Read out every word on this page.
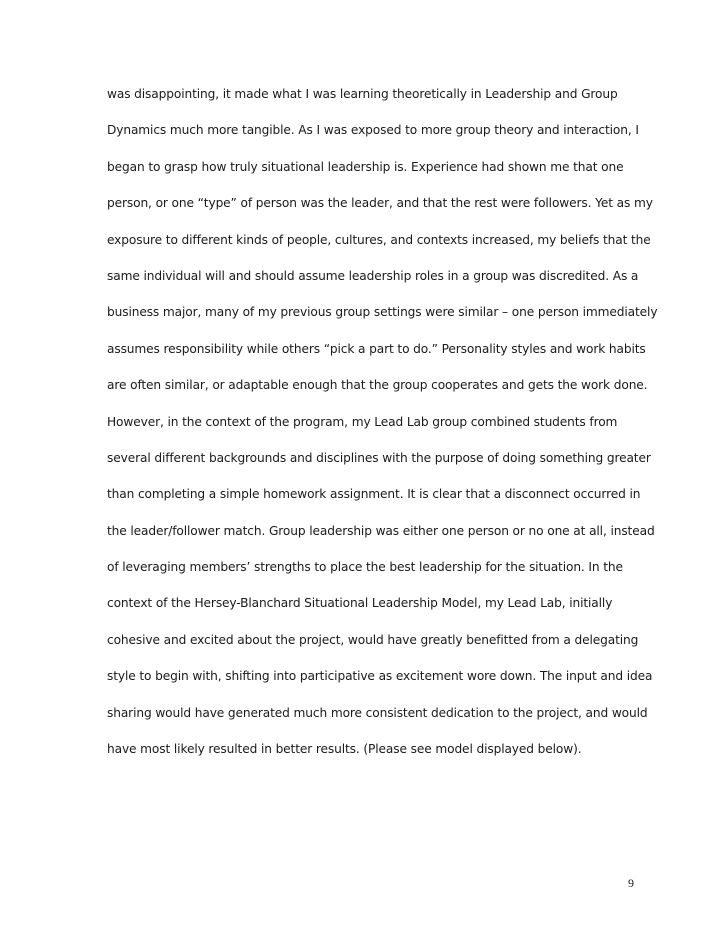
was disappointing, it made what I was learning theoretically in Leadership and Group
Dynamics much more tangible. As I was exposed to more group theory and interaction, I
began to grasp how truly situational leadership is. Experience had shown me that one
person, or one “type” of person was the leader, and that the rest were followers. Yet as my
exposure to different kinds of people, cultures, and contexts increased, my beliefs that the
same individual will and should assume leadership roles in a group was discredited. As a
business major, many of my previous group settings were similar – one person immediately
assumes responsibility while others “pick a part to do.” Personality styles and work habits
are often similar, or adaptable enough that the group cooperates and gets the work done.
However, in the context of the program, my Lead Lab group combined students from
several different backgrounds and disciplines with the purpose of doing something greater
than completing a simple homework assignment. It is clear that a disconnect occurred in
the leader/follower match. Group leadership was either one person or no one at all, instead
of leveraging members’ strengths to place the best leadership for the situation. In the
context of the Hersey-Blanchard Situational Leadership Model, my Lead Lab, initially
cohesive and excited about the project, would have greatly benefitted from a delegating
style to begin with, shifting into participative as excitement wore down. The input and idea
sharing would have generated much more consistent dedication to the project, and would
have most likely resulted in better results. (Please see model displayed below).
9
